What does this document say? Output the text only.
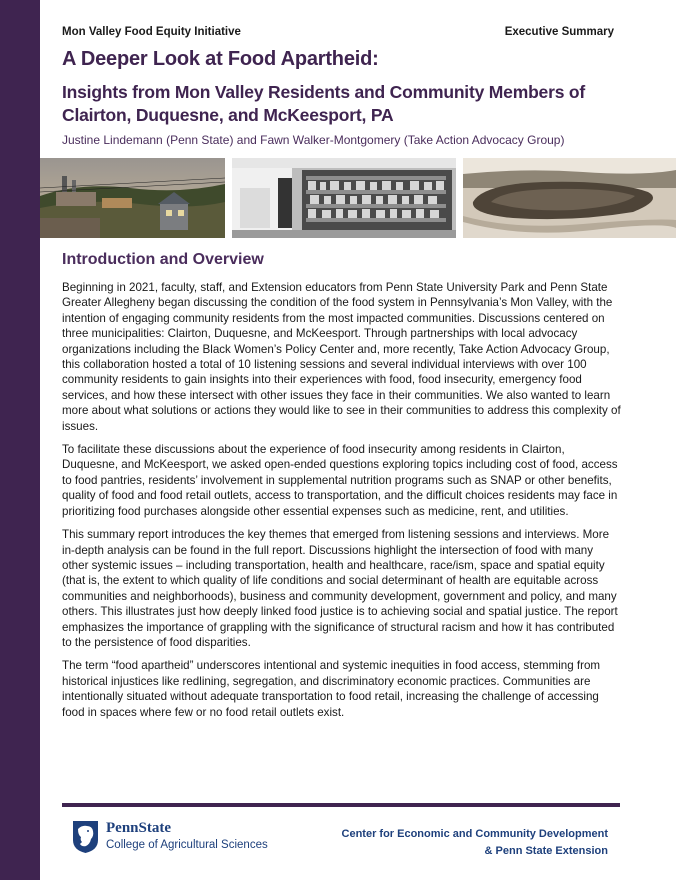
Mon Valley Food Equity Initiative	Executive Summary
A Deeper Look at Food Apartheid:
Insights from Mon Valley Residents and Community Members of
Clairton, Duquesne, and McKeesport, PA
Justine Lindemann (Penn State) and Fawn Walker-Montgomery (Take Action Advocacy Group)
Introduction and Overview

Beginning in 2021, faculty, staff, and Extension educators from Penn State University Park and Penn State Greater Allegheny began discussing the condition of the food system in Pennsylvania’s Mon Valley, with the intention of engaging community residents from the most impacted communities. Discussions centered on three municipalities: Clairton, Duquesne, and McKeesport. Through partnerships with local advocacy organizations including the Black Women’s Policy Center and, more recently, Take Action Advocacy Group, this collaboration hosted a total of 10 listening sessions and several individual interviews with over 100 community residents to gain insights into their experiences with food, food insecurity, emergency food services, and how these intersect with other issues they face in their communities. We also wanted to learn more about what solutions or actions they would like to see in their communities to address this complexity of issues.

To facilitate these discussions about the experience of food insecurity among residents in Clairton, Duquesne, and McKeesport, we asked open-ended questions exploring topics including cost of food, access to food pantries, residents’ involvement in supplemental nutrition programs such as SNAP or other benefits, quality of food and food retail outlets, access to transportation, and the difficult choices residents may face in prioritizing food purchases alongside other essential expenses such as medicine, rent, and utilities.

This summary report introduces the key themes that emerged from listening sessions and interviews. More in-depth analysis can be found in the full report. Discussions highlight the intersection of food with many other systemic issues – including transportation, health and healthcare, race/ism, space and spatial equity (that is, the extent to which quality of life conditions and social determinant of health are equitable across communities and neighborhoods), business and community development, government and policy, and many others. This illustrates just how deeply linked food justice is to achieving social and spatial justice. The report emphasizes the importance of grappling with the significance of structural racism and how it has contributed to the persistence of food disparities.

The term “food apartheid” underscores intentional and systemic inequities in food access, stemming from historical injustices like redlining, segregation, and discriminatory economic practices. Communities are intentionally situated without adequate transportation to food retail, increasing the challenge of accessing food in spaces where few or no food retail outlets exist.

PennState
College of Agricultural Sciences
Center for Economic and Community Development
& Penn State Extension
